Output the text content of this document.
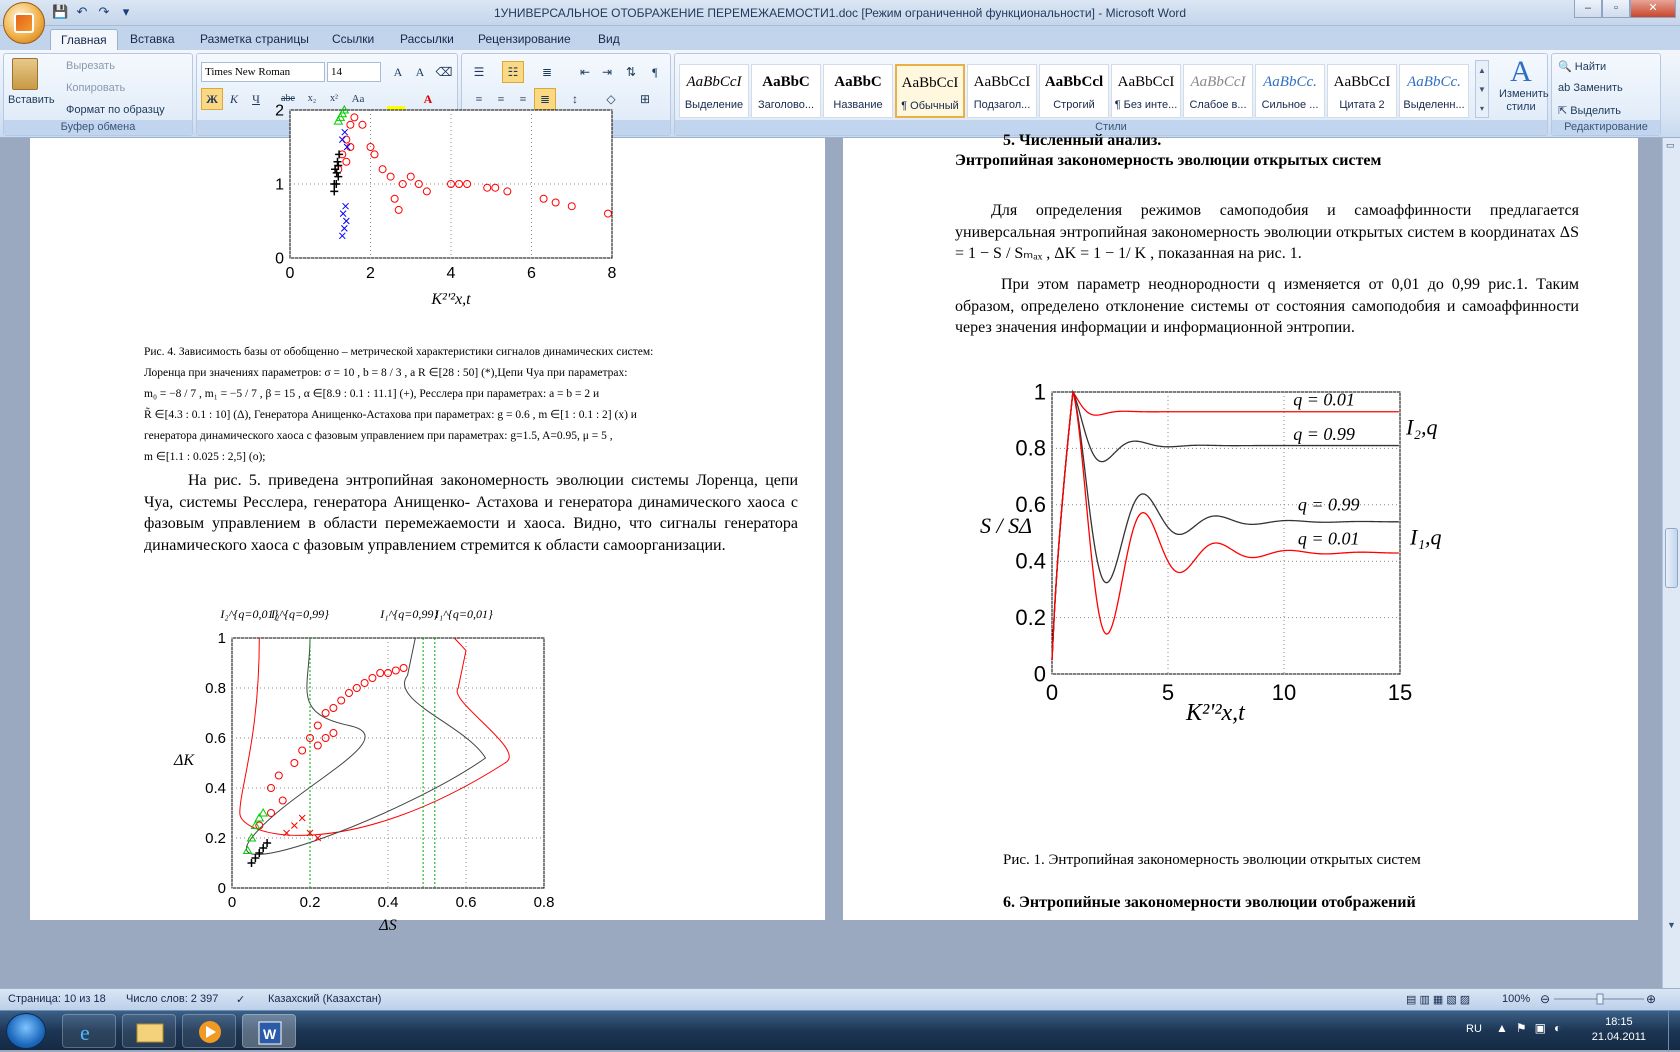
💾 ↶ ↷	▾	1УНИВЕРСАЛЬНОЕ ОТОБРАЖЕНИЕ ПЕРЕМЕЖАЕМОСТИ1.doc [Режим ограниченной функциональности] - Microsoft Word	–	▫	✕
Главная	Вставка	Разметка страницы	Ссылки	Рассылки	Рецензирование	Вид
Вставить
Вырезать
Копировать
Формат по образцу
Буфер обмена
Times New Roman	14	A	A ⌫
Ж	К	Ч	abe	x₂	x²	Аа	A
☰	☷	≣	⇤ ⇥	⇅	¶
≡	≡	≡	≣	↕	◇	⊞
AaBbCcI
Выделение
AaBbC
Заголово...
AaBbC
Название
AaBbCcI
¶ Обычный
AaBbCcI
Подзагол...
AaBbCcl
Строгий
AaBbCcI
¶ Без инте...
AaBbCcI
Слабое в...
AaBbCc.
Сильное ...
AaBbCcI
Цитата 2
AaBbCc.
Выделенн...
▲
▼
▾
A
Изменить стили
Стили
🔍 Найти
ab Заменить
⇱ Выделить
Редактирование
0	2	4	6	8
0
1
2
K²'²x,t
Рис. 4. Зависимость базы от обобщенно – метрической характеристики сигналов динамических систем:
Лоренца при значениях параметров: σ = 10 , b = 8 / 3 , a R ∈[28 : 50] (*),Цепи Чуа при параметрах:
m₀ = −8 / 7 , m₁ = −5 / 7 , β = 15 , α ∈[8.9 : 0.1 : 11.1] (+), Ресслера при параметрах: a = b = 2 и
R̃ ∈[4.3 : 0.1 : 10] (Δ), Генератора Анищенко-Астахова при параметрах: g = 0.6 , m ∈[1 : 0.1 : 2] (x) и
генератора динамического хаоса с фазовым управлением при параметрах: g=1.5, A=0.95, μ = 5 ,
m ∈[1.1 : 0.025 : 2,5] (o);
На рис. 5. приведена энтропийная закономерность эволюции системы Лоренца, цепи Чуа, системы Ресслера, генератора Анищенко- Астахова и генератора динамического хаоса с фазовым управлением в области перемежаемости и хаоса. Видно, что сигналы генератора динамического хаоса с фазовым управлением стремится к области самоорганизации.
0	0.2	0.4	0.6	0.8
0
0.2
0.4
0.6
0.8
1
ΔS
ΔK
I₂^{q=0,01}
I₂^{q=0,99}	I₁^{q=0,99}
I₁^{q=0,01}
5. Численный анализ.
Энтропийная закономерность эволюции открытых систем
Для определения режимов самоподобия и самоаффинности предлагается универсальная энтропийная закономерность эволюции открытых систем в координатах ΔS = 1 − S / Sₘₐₓ , ΔK = 1 − 1/ K , показанная на рис. 1.
При этом параметр неоднородности q изменяется от 0,01 до 0,99 рис.1. Таким образом, определено отклонение системы от состояния самоподобия и самоаффинности через значения информации и информационной энтропии.
0	5	10	15
0
0.2
0.4
0.6
0.8
1	q = 0.01
q = 0.99
q = 0.99
q = 0.01
I₂,q
I₁,q
K²'²x,t
S / SΔ
Рис. 1. Энтропийная закономерность эволюции открытых систем
6. Энтропийные закономерности эволюции отображений
▭
▼
Страница: 10 из 18 Число слов: 2 397 ✓ Казахский (Казахстан)	▤ ▥ ▦ ▧ ▨	100% ⊖	⊕
e	W	RU ▲⚑▣◐	18:15
21.04.2011
